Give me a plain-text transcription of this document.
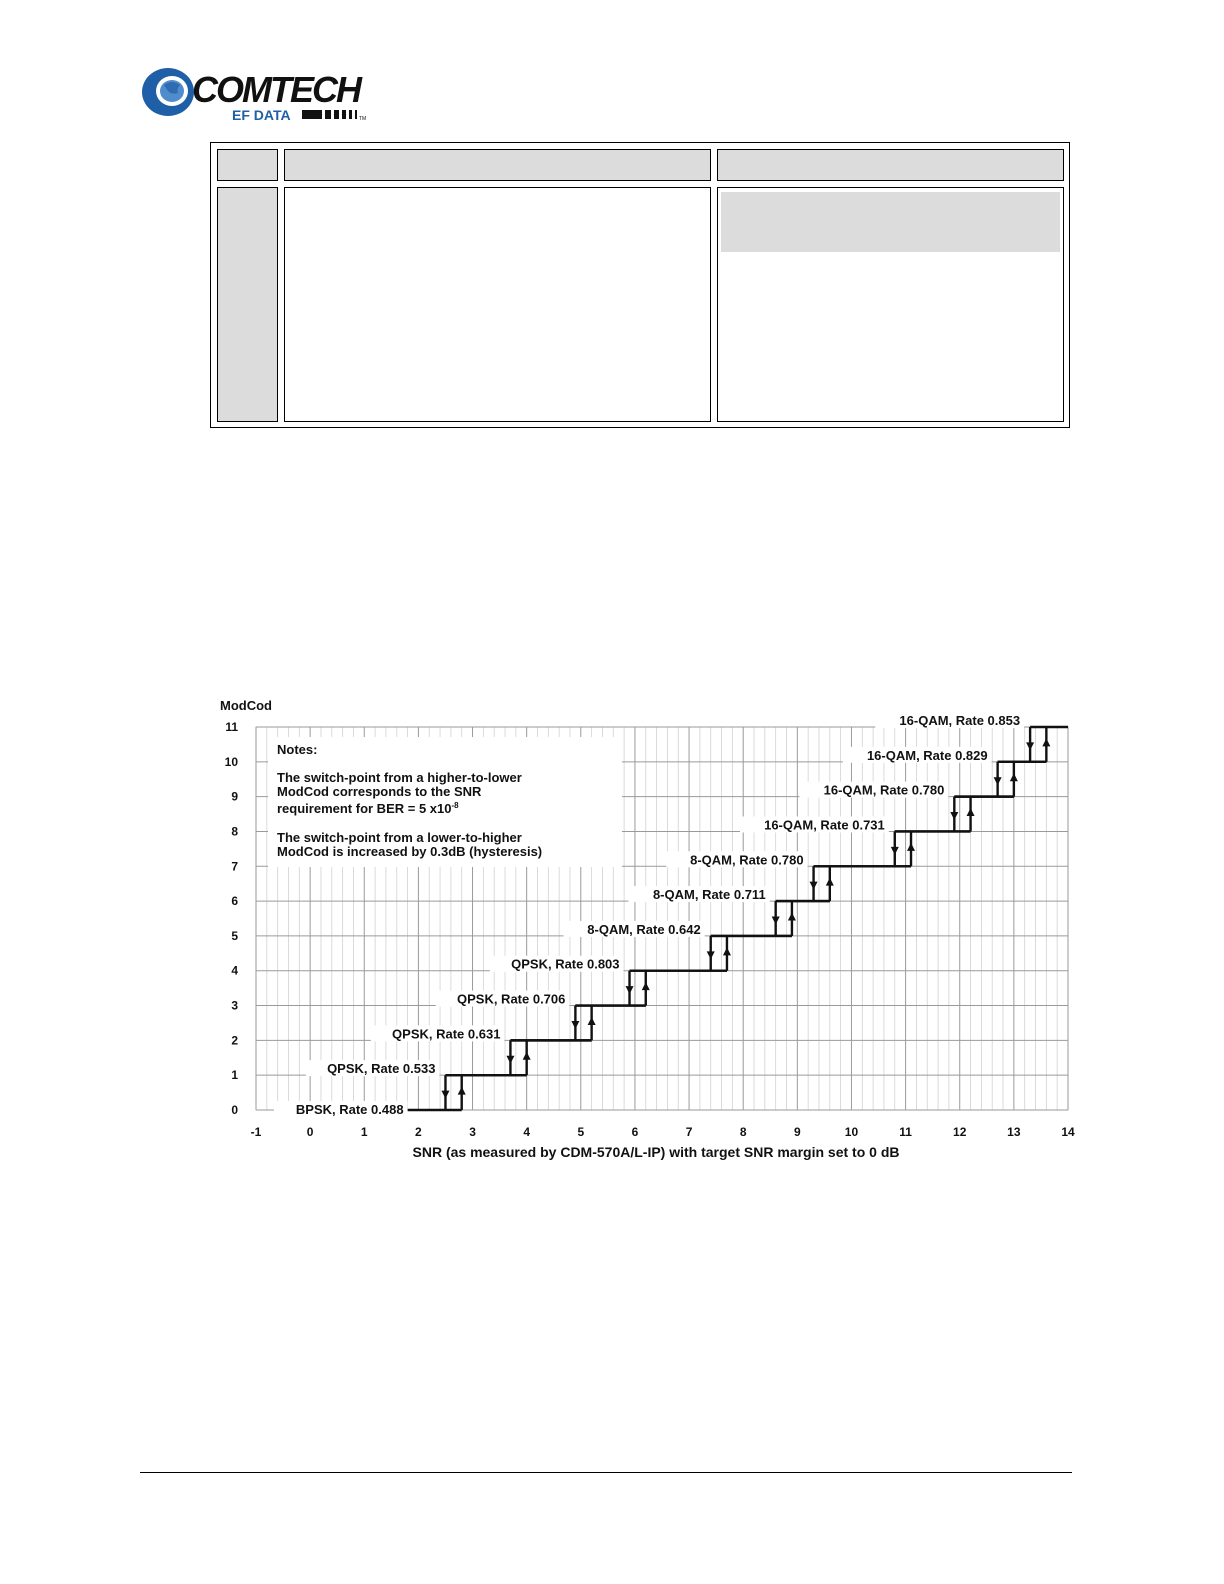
COMTECH
EF DATA	TM
Notes:
The switch-point from a higher-to-lower
ModCod corresponds to the SNR
requirement for BER = 5 $x10^{-8}$
The switch-point from a lower-to-higher
ModCod is increased by 0.3dB (hysteresis)
BPSK, Rate 0.488
QPSK, Rate 0.533
QPSK, Rate 0.631
QPSK, Rate 0.706
QPSK, Rate 0.803
8-QAM, Rate 0.642
8-QAM, Rate 0.711
8-QAM, Rate 0.780
16-QAM, Rate 0.731
16-QAM, Rate 0.780
16-QAM, Rate 0.829
16-QAM, Rate 0.853
-1	0	1	2	3	4	5	6	7	8	9	10	11	12	13	14
0
1
2
3
4
5
6
7
8
9
10
11
ModCod
SNR (as measured by CDM-570A/L-IP) with target SNR margin set to 0 dB
